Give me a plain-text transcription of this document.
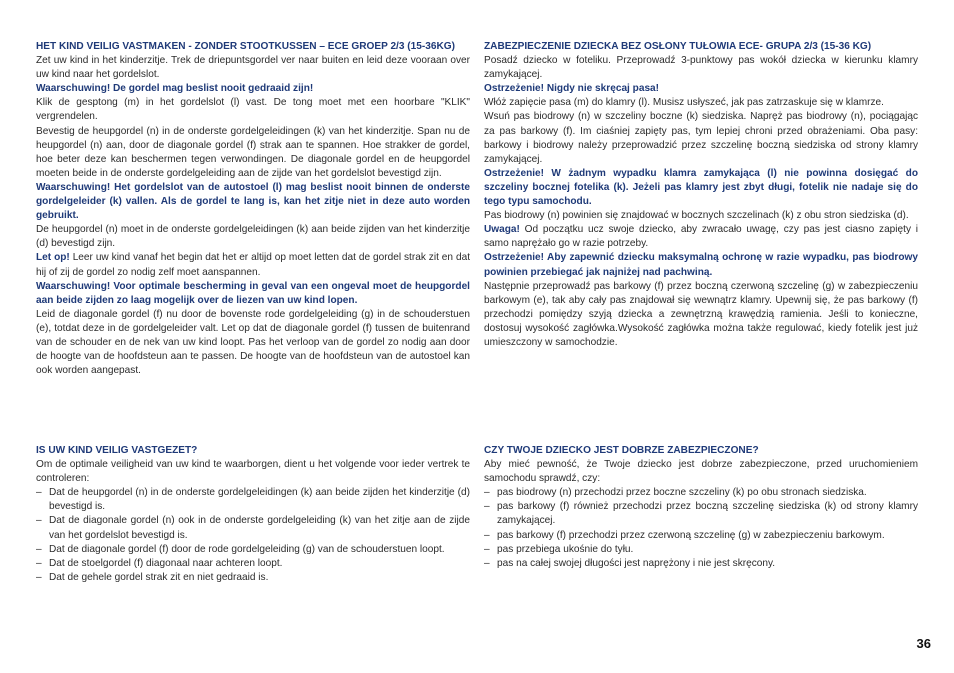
HET KIND VEILIG VASTMAKEN - ZONDER STOOTKUSSEN – ECE GROEP 2/3 (15-36KG)

Zet uw kind in het kinderzitje. Trek de driepuntsgordel ver naar buiten en leid deze vooraan over uw kind naar het gordelslot.

Waarschuwing! De gordel mag beslist nooit gedraaid zijn!

Klik de gesptong (m) in het gordelslot (l) vast. De tong moet met een hoorbare "KLIK" vergrendelen.

Bevestig de heupgordel (n) in de onderste gordelgeleidingen (k) van het kinderzitje. Span nu de heupgordel (n) aan, door de diagonale gordel (f) strak aan te spannen. Hoe strakker de gordel, hoe beter deze kan beschermen tegen verwondingen. De diagonale gordel en de heupgordel moeten beide in de onderste gordelgeleiding aan de zijde van het gordelslot bevestigd zijn.

Waarschuwing! Het gordelslot van de autostoel (l) mag beslist nooit binnen de onderste gordelgeleider (k) vallen. Als de gordel te lang is, kan het zitje niet in deze auto worden gebruikt.

De heupgordel (n) moet in de onderste gordelgeleidingen (k) aan beide zijden van het kinderzitje (d) bevestigd zijn.

Let op! Leer uw kind vanaf het begin dat het er altijd op moet letten dat de gordel strak zit en dat hij of zij de gordel zo nodig zelf moet aanspannen.

Waarschuwing! Voor optimale bescherming in geval van een ongeval moet de heupgordel aan beide zijden zo laag mogelijk over de liezen van uw kind lopen.

Leid de diagonale gordel (f) nu door de bovenste rode gordelgeleiding (g) in de schouderstuen (e), totdat deze in de gordelgeleider valt. Let op dat de diagonale gordel (f) tussen de buitenrand van de schouder en de nek van uw kind loopt. Pas het verloop van de gordel zo nodig aan door de hoogte van de hoofdsteun aan te passen. De hoogte van de hoofdsteun van de autostoel kan ook worden aangepast.

ZABEZPIECZENIE DZIECKA BEZ OSŁONY TUŁOWIA ECE- GRUPA 2/3 (15-36 KG)

Posadź dziecko w foteliku. Przeprowadź 3-punktowy pas wokół dziecka w kierunku klamry zamykającej.

Ostrzeżenie! Nigdy nie skręcaj pasa!

Włóż zapięcie pasa (m) do klamry (l). Musisz usłyszeć, jak pas zatrzaskuje się w klamrze.

Wsuń pas biodrowy (n) w szczeliny boczne (k) siedziska. Napręż pas biodrowy (n), pociągając za pas barkowy (f). Im ciaśniej zapięty pas, tym lepiej chroni przed obrażeniami. Oba pasy: barkowy i biodrowy należy przeprowadzić przez szczelinę boczną siedziska od strony klamry zamykającej.

Ostrzeżenie! W żadnym wypadku klamra zamykająca (l) nie powinna dosięgać do szczeliny bocznej fotelika (k). Jeżeli pas klamry jest zbyt długi, fotelik nie nadaje się do tego typu samochodu.

Pas biodrowy (n) powinien się znajdować w bocznych szczelinach (k) z obu stron siedziska (d).

Uwaga! Od początku ucz swoje dziecko, aby zwracało uwagę, czy pas jest ciasno zapięty i samo naprężało go w razie potrzeby.

Ostrzeżenie! Aby zapewnić dziecku maksymalną ochronę w razie wypadku, pas biodrowy powinien przebiegać jak najniżej nad pachwiną.

Następnie przeprowadź pas barkowy (f) przez boczną czerwoną szczelinę (g) w zabezpieczeniu barkowym (e), tak aby cały pas znajdował się wewnątrz klamry. Upewnij się, że pas barkowy (f) przechodzi pomiędzy szyją dziecka a zewnętrzną krawędzią ramienia. Jeśli to konieczne, dostosuj wysokość zagłówka.Wysokość zagłówka można także regulować, kiedy fotelik jest już umieszczony w samochodzie.

IS UW KIND VEILIG VASTGEZET?

Om de optimale veiligheid van uw kind te waarborgen, dient u het volgende voor ieder vertrek te controleren:

– Dat de heupgordel (n) in de onderste gordelgeleidingen (k) aan beide zijden het kinderzitje (d) bevestigd is.
– Dat de diagonale gordel (n) ook in de onderste gordelgeleiding (k) van het zitje aan de zijde van het gordelslot bevestigd is.
– Dat de diagonale gordel (f) door de rode gordelgeleiding (g) van de schouderstuen loopt.
– Dat de stoelgordel (f) diagonaal naar achteren loopt.
– Dat de gehele gordel strak zit en niet gedraaid is.

CZY TWOJE DZIECKO JEST DOBRZE ZABEZPIECZONE?

Aby mieć pewność, że Twoje dziecko jest dobrze zabezpieczone, przed uruchomieniem samochodu sprawdź, czy:

– pas biodrowy (n) przechodzi przez boczne szczeliny (k) po obu stronach siedziska.
– pas barkowy (f) również przechodzi przez boczną szczelinę siedziska (k) od strony klamry zamykającej.
– pas barkowy (f) przechodzi przez czerwoną szczelinę (g) w zabezpieczeniu barkowym.
– pas przebiega ukośnie do tyłu.
– pas na całej swojej długości jest naprężony i nie jest skręcony.
36
